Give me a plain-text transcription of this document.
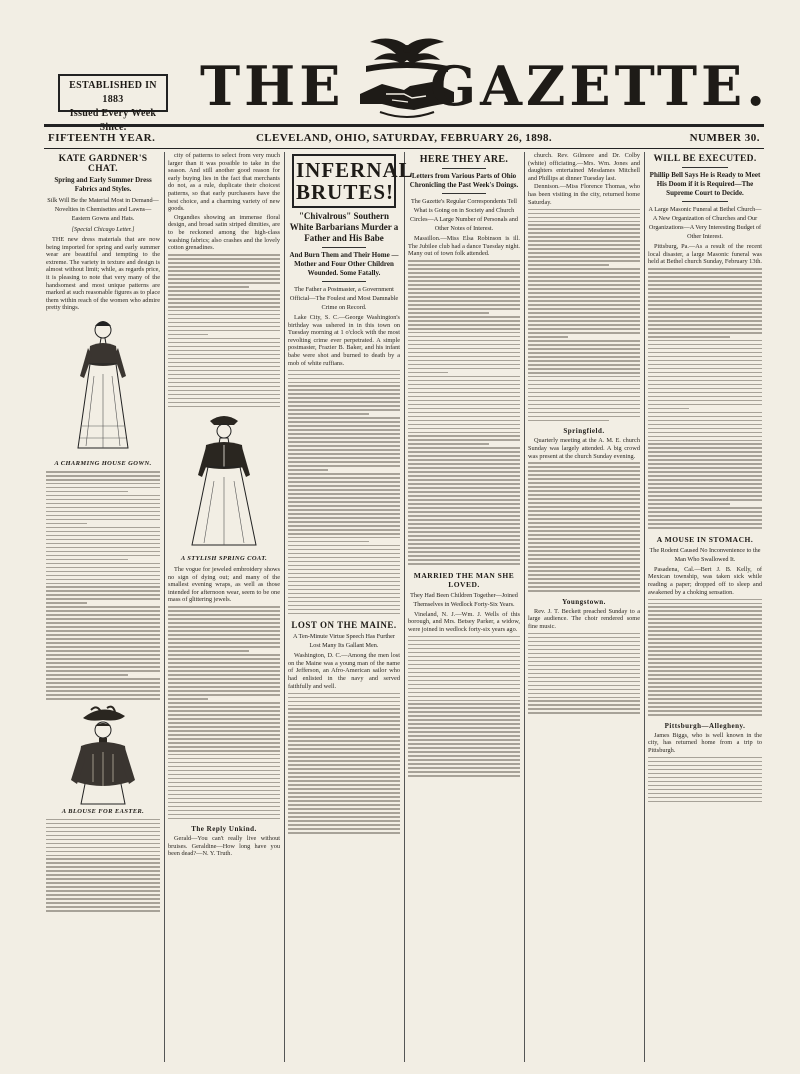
ESTABLISHED IN 1883
Issued Every Week Since.
THE	GAZETTE.
FIFTEENTH YEAR.	CLEVELAND, OHIO, SATURDAY, FEBRUARY 26, 1898.	NUMBER 30.
KATE GARDNER'S CHAT.
Spring and Early Summer Dress Fabrics and Styles.
Silk Will Be the Material Most in Demand—Novelties in Chemisettes and Lawns—Eastern Gowns and Hats.
[Special Chicago Letter.]

THE new dress materials that are now being imported for spring and early summer wear are beautiful and tempting to the extreme. The variety in texture and design is almost without limit; while, as regards price, it is pleasing to note that very many of the handsomest and most unique patterns are marked at such reasonable figures as to place them within reach of the women who admire pretty things.

A CHARMING HOUSE GOWN.
A BLOUSE FOR EASTER.

city of patterns to select from very much larger than it was possible to take in the season. And still another good reason for early buying lies in the fact that merchants do not, as a rule, duplicate their choicest patterns, so that early purchasers have the best choice, and a charming variety of new goods.

Organdies showing an immense floral design, and broad satin striped dimities, are to be reckoned among the high-class washing fabrics; also crashes and the lovely cotton grenadines.

A STYLISH SPRING COAT.

The vogue for jeweled embroidery shows no sign of dying out; and many of the smallest evening wraps, as well as those intended for afternoon wear, seem to be one mass of glittering jewels.

The Reply Unkind.

Gerald—You can't really live without bruises. Geraldine—How long have you been dead?—N. Y. Truth.

INFERNAL BRUTES!
"Chivalrous" Southern White Barbarians Murder a Father and His Babe
And Burn Them and Their Home —Mother and Four Other Children Wounded. Some Fatally.
The Father a Postmaster, a Government Official—The Foulest and Most Damnable Crime on Record.

Lake City, S. C.—George Washington's birthday was ushered in in this town on Tuesday morning at 1 o'clock with the most revolting crime ever perpetrated. A simple postmaster, Frazier B. Baker, and his infant babe were shot and burned to death by a mob of white ruffians.

LOST ON THE MAINE.
A Ten-Minute Virtue Speech Has Further Lost Many Its Gallant Men.

Washington, D. C.—Among the men lost on the Maine was a young man of the name of Jefferson, an Afro-American sailor who had enlisted in the navy and served faithfully and well.

HERE THEY ARE.
Letters from Various Parts of Ohio Chronicling the Past Week's Doings.
The Gazette's Regular Correspondents Tell What is Going on in Society and Church Circles—A Large Number of Personals and Other Notes of Interest.

Massillon.—Miss Elsa Robinson is ill. The Jubilee club had a dance Tuesday night. Many out of town folk attended.

MARRIED THE MAN SHE LOVED.
They Had Been Children Together—Joined Themselves in Wedlock Forty-Six Years.

Vineland, N. J.—Wm. J. Wells of this borough, and Mrs. Betsey Parker, a widow, were joined in wedlock forty-six years ago.

church. Rev. Gilmore and Dr. Colby (white) officiating.—Mrs. Wm. Jones and daughters entertained Mesdames Mitchell and Phillips at dinner Tuesday last.

Dennison.—Miss Florence Thomas, who has been visiting in the city, returned home Saturday.

Springfield.

Quarterly meeting at the A. M. E. church Sunday was largely attended. A big crowd was present at the church Sunday evening.

Youngstown.

Rev. J. T. Beckett preached Sunday to a large audience. The choir rendered some fine music.

WILL BE EXECUTED.
Phillip Bell Says He is Ready to Meet His Doom if it is Required—The Supreme Court to Decide.
A Large Masonic Funeral at Bethel Church—A New Organization of Churches and Our Organizations—A Very Interesting Budget of Other Interest.

Pittsburg, Pa.—As a result of the recent local disaster, a large Masonic funeral was held at Bethel church Sunday, February 13th.

A MOUSE IN STOMACH.
The Rodent Caused No Inconvenience to the Man Who Swallowed It.

Pasadena, Cal.—Bert J. B. Kelly, of Mexican township, was taken sick while reading a paper; dropped off to sleep and awakened by a choking sensation.

Pittsburgh—Allegheny.

James Biggs, who is well known in the city, has returned home from a trip to Pittsburgh.
